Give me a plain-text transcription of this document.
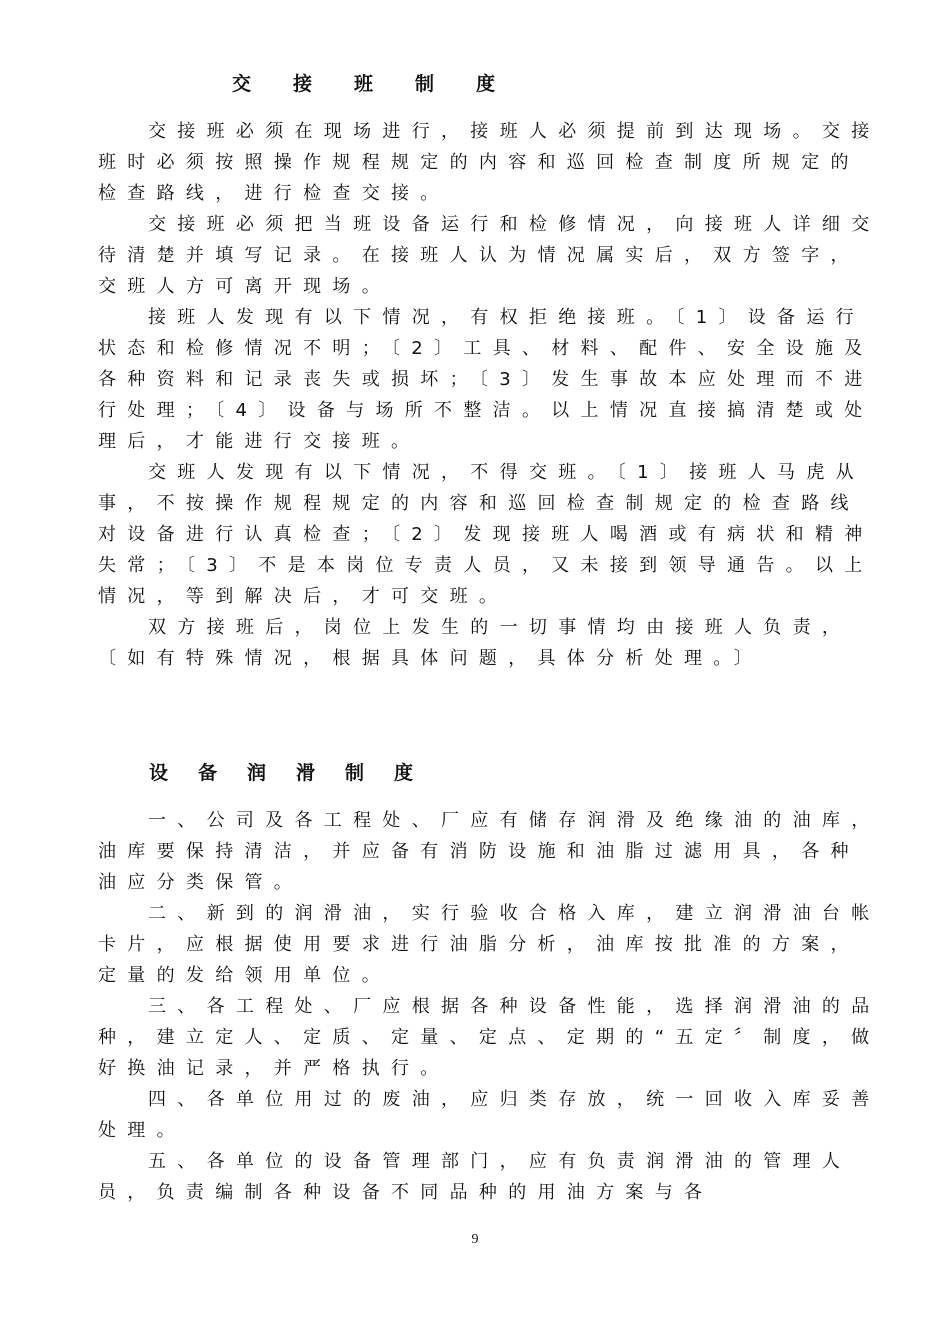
交接班制度

交接班必须在现场进行，接班人必须提前到达现场。交接班时必须按照操作规程规定的内容和巡回检查制度所规定的检查路线，进行检查交接。

交接班必须把当班设备运行和检修情况，向接班人详细交待清楚并填写记录。在接班人认为情况属实后，双方签字，交班人方可离开现场。

接班人发现有以下情况，有权拒绝接班。〔1〕设备运行状态和检修情况不明；〔2〕工具、材料、配件、安全设施及各种资料和记录丧失或损坏；〔3〕发生事故本应处理而不进行处理；〔4〕设备与场所不整洁。以上情况直接搞清楚或处理后，才能进行交接班。

交班人发现有以下情况，不得交班。〔1〕接班人马虎从事，不按操作规程规定的内容和巡回检查制规定的检查路线对设备进行认真检查；〔2〕发现接班人喝酒或有病状和精神失常；〔3〕不是本岗位专责人员，又未接到领导通告。以上情况，等到解决后，才可交班。

双方接班后，岗位上发生的一切事情均由接班人负责，〔如有特殊情况，根据具体问题，具体分析处理。〕

设备润滑制度

一、公司及各工程处、厂应有储存润滑及绝缘油的油库，油库要保持清洁，并应备有消防设施和油脂过滤用具，各种油应分类保管。

二、新到的润滑油，实行验收合格入库，建立润滑油台帐卡片，应根据使用要求进行油脂分析，油库按批准的方案，定量的发给领用单位。

三、各工程处、厂应根据各种设备性能，选择润滑油的品种，建立定人、定质、定量、定点、定期的“五定〞制度，做好换油记录，并严格执行。

四、各单位用过的废油，应归类存放，统一回收入库妥善处理。

五、各单位的设备管理部门，应有负责润滑油的管理人员，负责编制各种设备不同品种的用油方案与各

9
